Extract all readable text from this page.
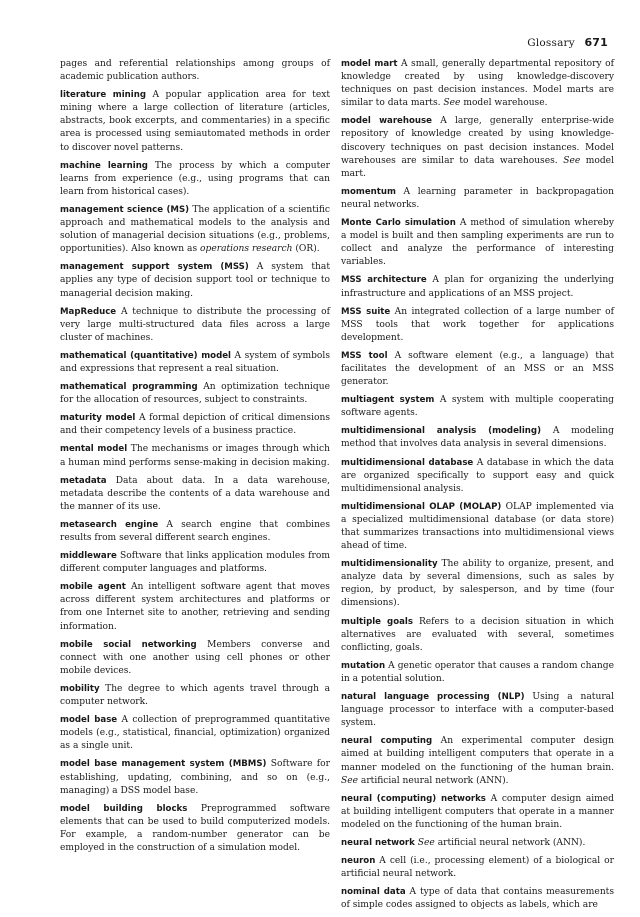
Glossary 671

pages and referential relationships among groups of academic publication authors.

literature mining A popular application area for text mining where a large collection of literature (articles, abstracts, book excerpts, and commentaries) in a specific area is processed using semiautomated methods in order to discover novel patterns.

machine learning The process by which a computer learns from experience (e.g., using programs that can learn from historical cases).

management science (MS) The application of a scientific approach and mathematical models to the analysis and solution of managerial decision situations (e.g., problems, opportunities). Also known as operations research (OR).

management support system (MSS) A system that applies any type of decision support tool or technique to managerial decision making.

MapReduce A technique to distribute the processing of very large multi-structured data files across a large cluster of machines.

mathematical (quantitative) model A system of symbols and expressions that represent a real situation.

mathematical programming An optimization technique for the allocation of resources, subject to constraints.

maturity model A formal depiction of critical dimensions and their competency levels of a business practice.

mental model The mechanisms or images through which a human mind performs sense-making in decision making.

metadata Data about data. In a data warehouse, metadata describe the contents of a data warehouse and the manner of its use.

metasearch engine A search engine that combines results from several different search engines.

middleware Software that links application modules from different computer languages and platforms.

mobile agent An intelligent software agent that moves across different system architectures and platforms or from one Internet site to another, retrieving and sending information.

mobile social networking Members converse and connect with one another using cell phones or other mobile devices.

mobility The degree to which agents travel through a computer network.

model base A collection of preprogrammed quantitative models (e.g., statistical, financial, optimization) organized as a single unit.

model base management system (MBMS) Software for establishing, updating, combining, and so on (e.g., managing) a DSS model base.

model building blocks Preprogrammed software elements that can be used to build computerized models. For example, a random-number generator can be employed in the construction of a simulation model.

model mart A small, generally departmental repository of knowledge created by using knowledge-discovery techniques on past decision instances. Model marts are similar to data marts. See model warehouse.

model warehouse A large, generally enterprise-wide repository of knowledge created by using knowledge-discovery techniques on past decision instances. Model warehouses are similar to data warehouses. See model mart.

momentum A learning parameter in backpropagation neural networks.

Monte Carlo simulation A method of simulation whereby a model is built and then sampling experiments are run to collect and analyze the performance of interesting variables.

MSS architecture A plan for organizing the underlying infrastructure and applications of an MSS project.

MSS suite An integrated collection of a large number of MSS tools that work together for applications development.

MSS tool A software element (e.g., a language) that facilitates the development of an MSS or an MSS generator.

multiagent system A system with multiple cooperating software agents.

multidimensional analysis (modeling) A modeling method that involves data analysis in several dimensions.

multidimensional database A database in which the data are organized specifically to support easy and quick multidimensional analysis.

multidimensional OLAP (MOLAP) OLAP implemented via a specialized multidimensional database (or data store) that summarizes transactions into multidimensional views ahead of time.

multidimensionality The ability to organize, present, and analyze data by several dimensions, such as sales by region, by product, by salesperson, and by time (four dimensions).

multiple goals Refers to a decision situation in which alternatives are evaluated with several, sometimes conflicting, goals.

mutation A genetic operator that causes a random change in a potential solution.

natural language processing (NLP) Using a natural language processor to interface with a computer-based system.

neural computing An experimental computer design aimed at building intelligent computers that operate in a manner modeled on the functioning of the human brain. See artificial neural network (ANN).

neural (computing) networks A computer design aimed at building intelligent computers that operate in a manner modeled on the functioning of the human brain.

neural network See artificial neural network (ANN).

neuron A cell (i.e., processing element) of a biological or artificial neural network.

nominal data A type of data that contains measurements of simple codes assigned to objects as labels, which are
